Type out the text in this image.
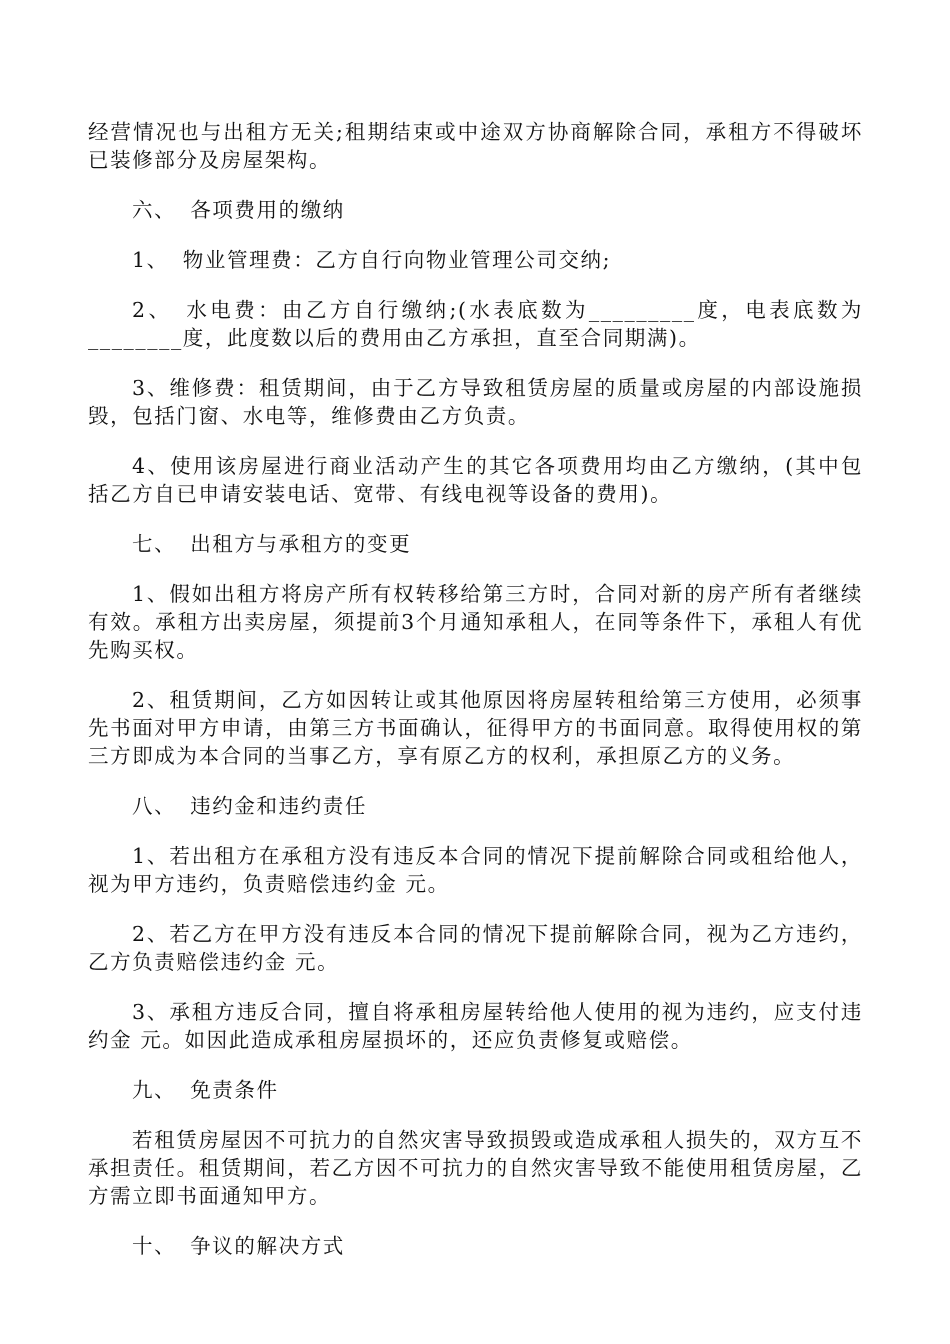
经营情况也与出租方无关;租期结束或中途双方协商解除合同，承租方不得破坏已装修部分及房屋架构。

六、 各项费用的缴纳

1、 物业管理费：乙方自行向物业管理公司交纳;

2、 水电费：由乙方自行缴纳;(水表底数为_________度，电表底数为________度，此度数以后的费用由乙方承担，直至合同期满)。

3、维修费：租赁期间，由于乙方导致租赁房屋的质量或房屋的内部设施损毁，包括门窗、水电等，维修费由乙方负责。

4、使用该房屋进行商业活动产生的其它各项费用均由乙方缴纳，(其中包括乙方自已申请安装电话、宽带、有线电视等设备的费用)。

七、 出租方与承租方的变更

1、假如出租方将房产所有权转移给第三方时，合同对新的房产所有者继续有效。承租方出卖房屋，须提前3个月通知承租人，在同等条件下，承租人有优先购买权。

2、租赁期间，乙方如因转让或其他原因将房屋转租给第三方使用，必须事先书面对甲方申请，由第三方书面确认，征得甲方的书面同意。取得使用权的第三方即成为本合同的当事乙方，享有原乙方的权利，承担原乙方的义务。

八、 违约金和违约责任

1、若出租方在承租方没有违反本合同的情况下提前解除合同或租给他人，视为甲方违约，负责赔偿违约金 元。

2、若乙方在甲方没有违反本合同的情况下提前解除合同，视为乙方违约，乙方负责赔偿违约金 元。

3、承租方违反合同，擅自将承租房屋转给他人使用的视为违约，应支付违约金 元。如因此造成承租房屋损坏的，还应负责修复或赔偿。

九、 免责条件

若租赁房屋因不可抗力的自然灾害导致损毁或造成承租人损失的，双方互不承担责任。租赁期间，若乙方因不可抗力的自然灾害导致不能使用租赁房屋，乙方需立即书面通知甲方。

十、 争议的解决方式
